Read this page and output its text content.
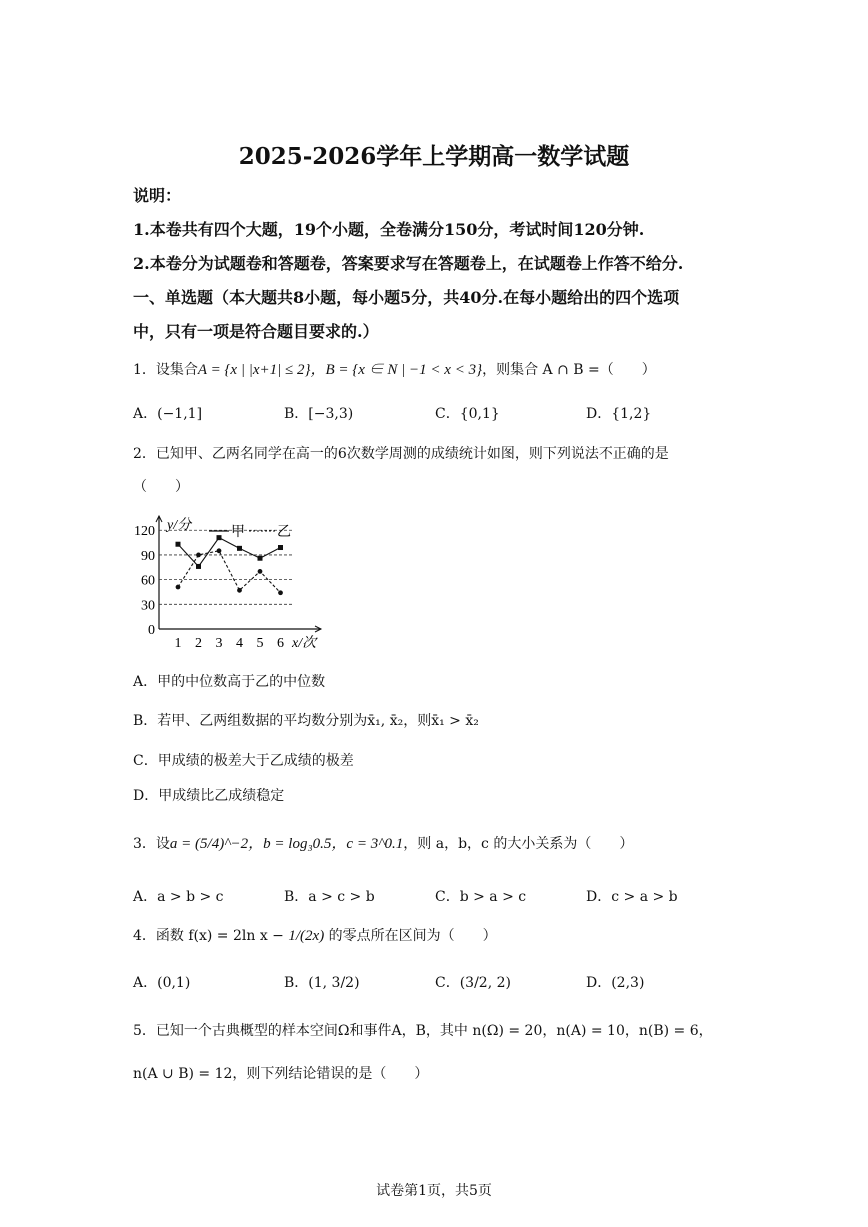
2025-2026学年上学期高一数学试题
说明：
1.本卷共有四个大题，19个小题，全卷满分150分，考试时间120分钟.
2.本卷分为试题卷和答题卷，答案要求写在答题卷上，在试题卷上作答不给分.
一、单选题（本大题共8小题，每小题5分，共40分.在每小题给出的四个选项
中，只有一项是符合题目要求的.）
1．设集合A = {x | |x+1| ≤ 2}，B = {x ∈ N | −1 < x < 3}，则集合 A ∩ B =（　　）
A．(−1,1]	B．[−3,3)	C．{0,1}	D．{1,2}
2．已知甲、乙两名同学在高一的6次数学周测的成绩统计如图，则下列说法不正确的是
（　　）
0
30
60
90
120
1 2 3 4 5 6
y/分
x/次
甲 乙
A．甲的中位数高于乙的中位数
B．若甲、乙两组数据的平均数分别为x̄₁, x̄₂，则x̄₁ > x̄₂
C．甲成绩的极差大于乙成绩的极差
D．甲成绩比乙成绩稳定
3．设a = (5/4)^−2，b = log₃0.5，c = 3^0.1，则 a，b，c 的大小关系为（　　）
A．a > b > c	B．a > c > b	C．b > a > c	D．c > a > b
4．函数 f(x) = 2ln x − 1/(2x) 的零点所在区间为（　　）
A．(0,1)	B．(1, 3/2)	C．(3/2, 2)	D．(2,3)
5．已知一个古典概型的样本空间Ω和事件A，B，其中 n(Ω) = 20，n(A) = 10，n(B) = 6，
n(A ∪ B) = 12，则下列结论错误的是（　　）
试卷第1页，共5页
